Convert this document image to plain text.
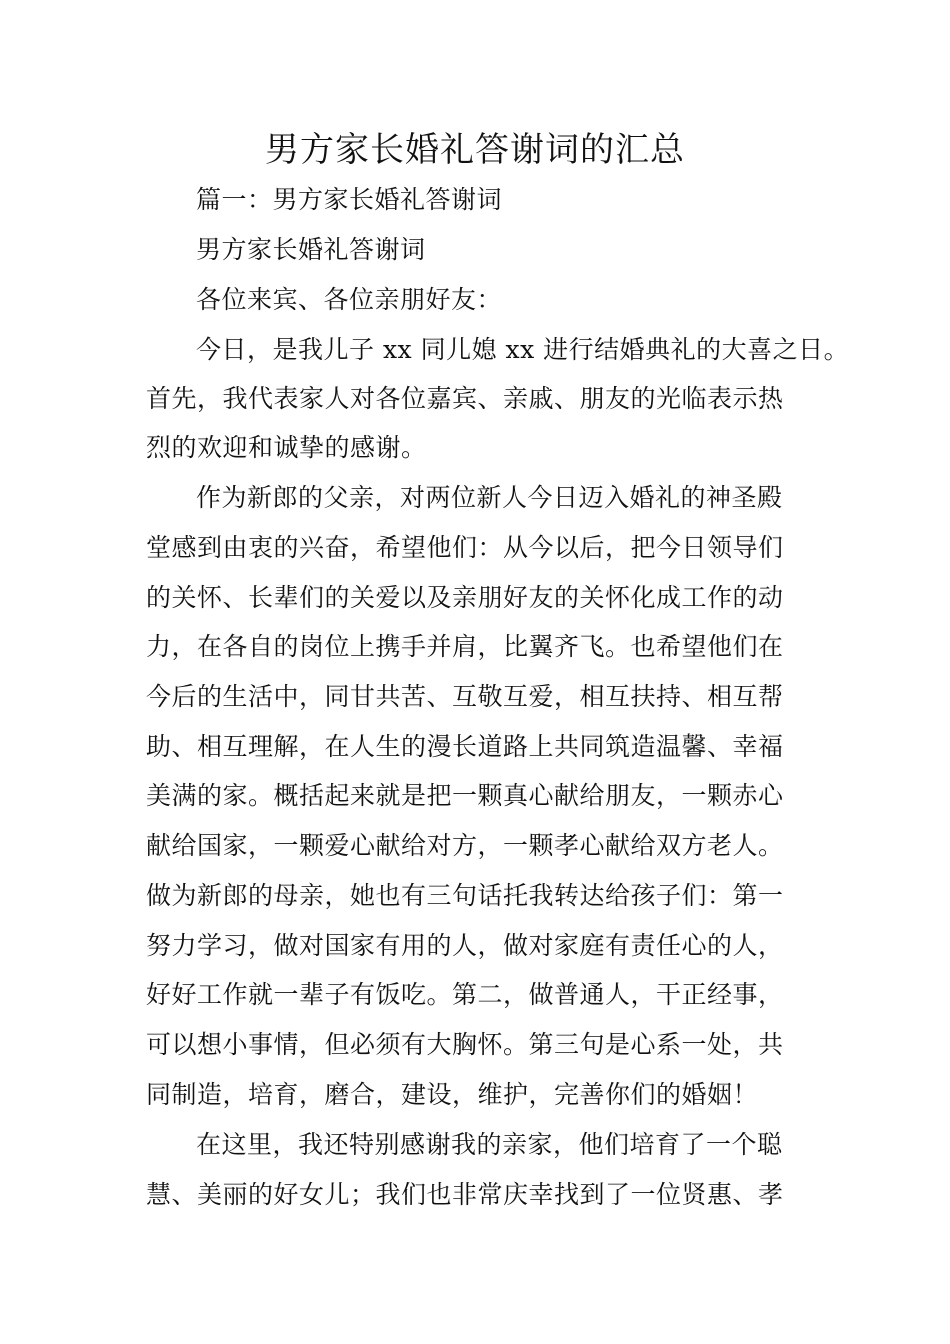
男方家长婚礼答谢词的汇总
篇一：男方家长婚礼答谢词
男方家长婚礼答谢词
各位来宾、各位亲朋好友：
今日，是我儿子 xx 同儿媳 xx 进行结婚典礼的大喜之日。
首先，我代表家人对各位嘉宾、亲戚、朋友的光临表示热
烈的欢迎和诚挚的感谢。
作为新郎的父亲，对两位新人今日迈入婚礼的神圣殿
堂感到由衷的兴奋，希望他们：从今以后，把今日领导们
的关怀、长辈们的关爱以及亲朋好友的关怀化成工作的动
力，在各自的岗位上携手并肩，比翼齐飞。也希望他们在
今后的生活中，同甘共苦、互敬互爱，相互扶持、相互帮
助、相互理解，在人生的漫长道路上共同筑造温馨、幸福
美满的家。概括起来就是把一颗真心献给朋友，一颗赤心
献给国家，一颗爱心献给对方，一颗孝心献给双方老人。
做为新郎的母亲，她也有三句话托我转达给孩子们：第一
努力学习，做对国家有用的人，做对家庭有责任心的人，
好好工作就一辈子有饭吃。第二，做普通人，干正经事，
可以想小事情，但必须有大胸怀。第三句是心系一处，共
同制造，培育，磨合，建设，维护，完善你们的婚姻！
在这里，我还特别感谢我的亲家，他们培育了一个聪
慧、美丽的好女儿；我们也非常庆幸找到了一位贤惠、孝
